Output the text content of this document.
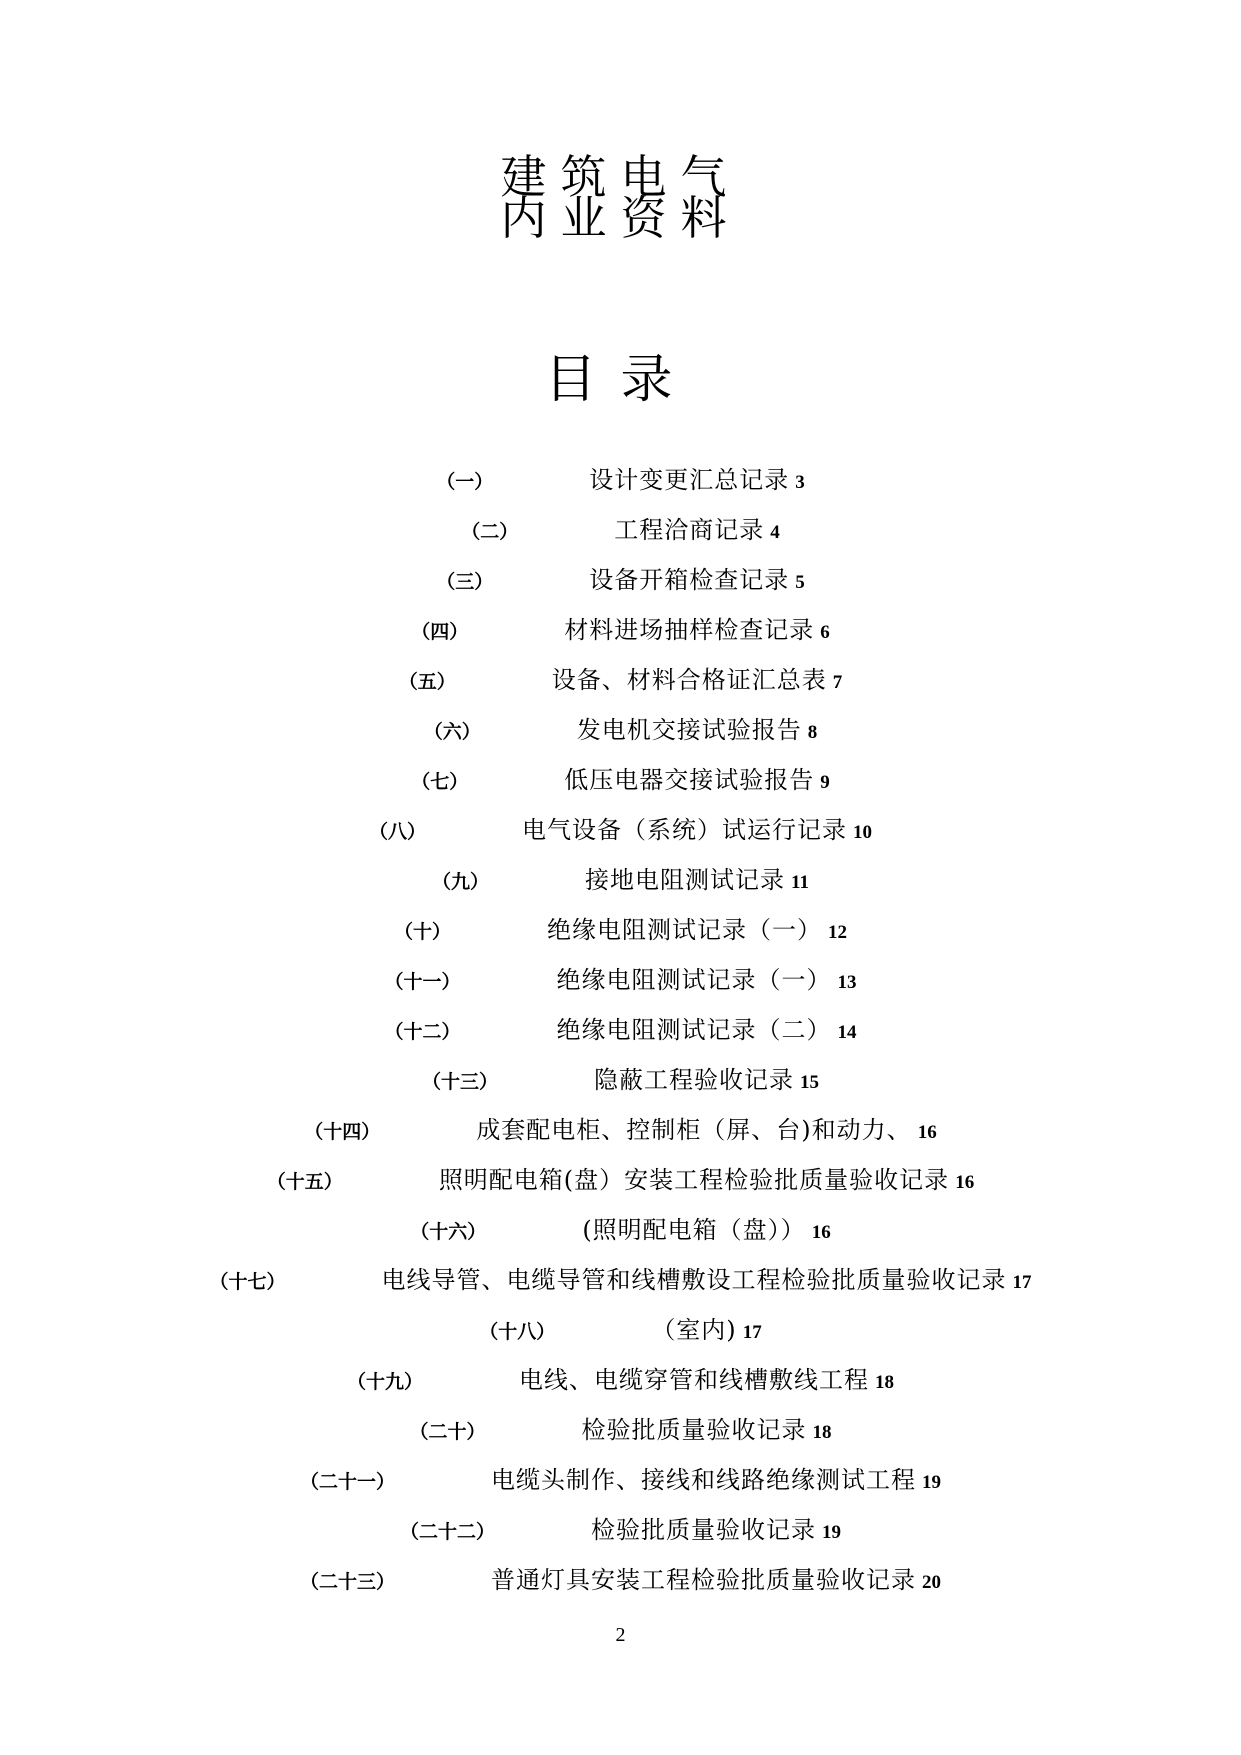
建筑电气
内业资料
目录
（一）	设计变更汇总记录 3
（二）	工程洽商记录 4
（三）	设备开箱检查记录 5
（四）	材料进场抽样检查记录 6
（五）	设备、材料合格证汇总表 7
（六）	发电机交接试验报告 8
（七）	低压电器交接试验报告 9
（八）	电气设备（系统）试运行记录 10
（九）	接地电阻测试记录 11
（十）	绝缘电阻测试记录（一） 12
（十一）	绝缘电阻测试记录（一） 13
（十二）	绝缘电阻测试记录（二） 14
（十三）	隐蔽工程验收记录 15
（十四）	成套配电柜、控制柜（屏、台)和动力、 16
（十五）	照明配电箱(盘）安装工程检验批质量验收记录 16
（十六）	(照明配电箱（盘）） 16
（十七）	电线导管、电缆导管和线槽敷设工程检验批质量验收记录 17
（十八）	（室内) 17
（十九）	电线、电缆穿管和线槽敷线工程 18
（二十）	检验批质量验收记录 18
（二十一）	电缆头制作、接线和线路绝缘测试工程 19
（二十二）	检验批质量验收记录 19
（二十三）	普通灯具安装工程检验批质量验收记录 20
2
